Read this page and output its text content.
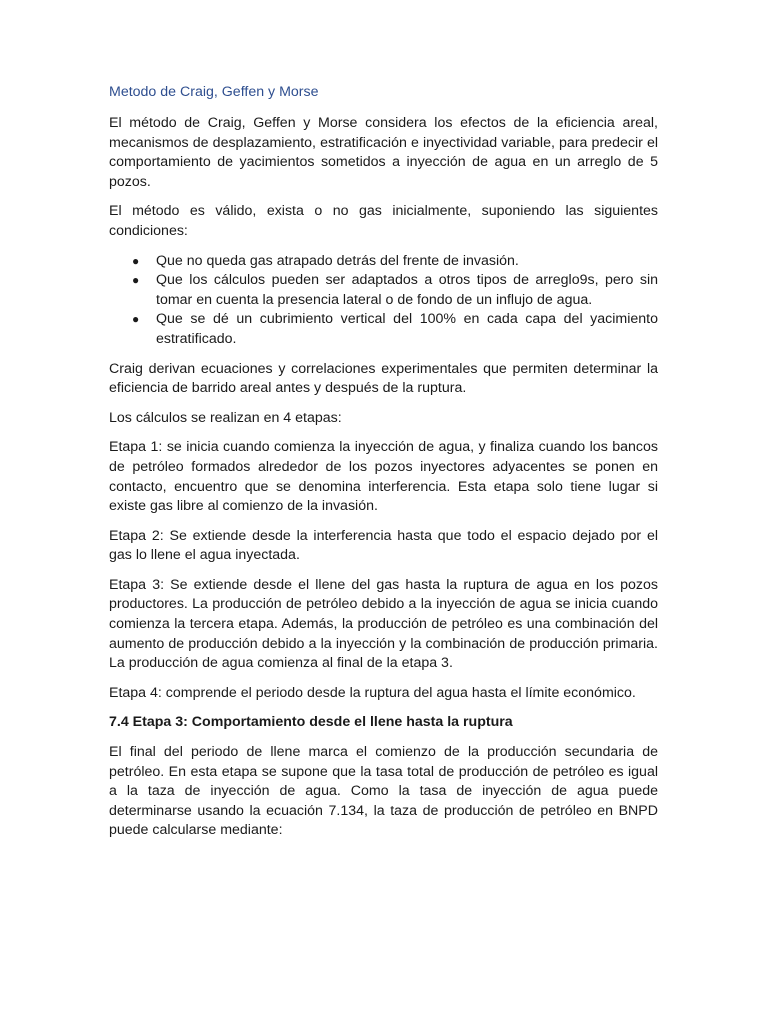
Metodo de Craig, Geffen y Morse

El método de Craig, Geffen y Morse considera los efectos de la eficiencia areal, mecanismos de desplazamiento, estratificación e inyectividad variable, para predecir el comportamiento de yacimientos sometidos a inyección de agua en un arreglo de 5 pozos.

El método es válido, exista o no gas inicialmente, suponiendo las siguientes condiciones:

● Que no queda gas atrapado detrás del frente de invasión.
● Que los cálculos pueden ser adaptados a otros tipos de arreglo9s, pero sin tomar en cuenta la presencia lateral o de fondo de un influjo de agua.
● Que se dé un cubrimiento vertical del 100% en cada capa del yacimiento estratificado.

Craig derivan ecuaciones y correlaciones experimentales que permiten determinar la eficiencia de barrido areal antes y después de la ruptura.

Los cálculos se realizan en 4 etapas:

Etapa 1: se inicia cuando comienza la inyección de agua, y finaliza cuando los bancos de petróleo formados alrededor de los pozos inyectores adyacentes se ponen en contacto, encuentro que se denomina interferencia. Esta etapa solo tiene lugar si existe gas libre al comienzo de la invasión.

Etapa 2: Se extiende desde la interferencia hasta que todo el espacio dejado por el gas lo llene el agua inyectada.

Etapa 3: Se extiende desde el llene del gas hasta la ruptura de agua en los pozos productores. La producción de petróleo debido a la inyección de agua se inicia cuando comienza la tercera etapa. Además, la producción de petróleo es una combinación del aumento de producción debido a la inyección y la combinación de producción primaria. La producción de agua comienza al final de la etapa 3.

Etapa 4: comprende el periodo desde la ruptura del agua hasta el límite económico.

7.4 Etapa 3: Comportamiento desde el llene hasta la ruptura

El final del periodo de llene marca el comienzo de la producción secundaria de petróleo. En esta etapa se supone que la tasa total de producción de petróleo es igual a la taza de inyección de agua. Como la tasa de inyección de agua puede determinarse usando la ecuación 7.134, la taza de producción de petróleo en BNPD puede calcularse mediante:
